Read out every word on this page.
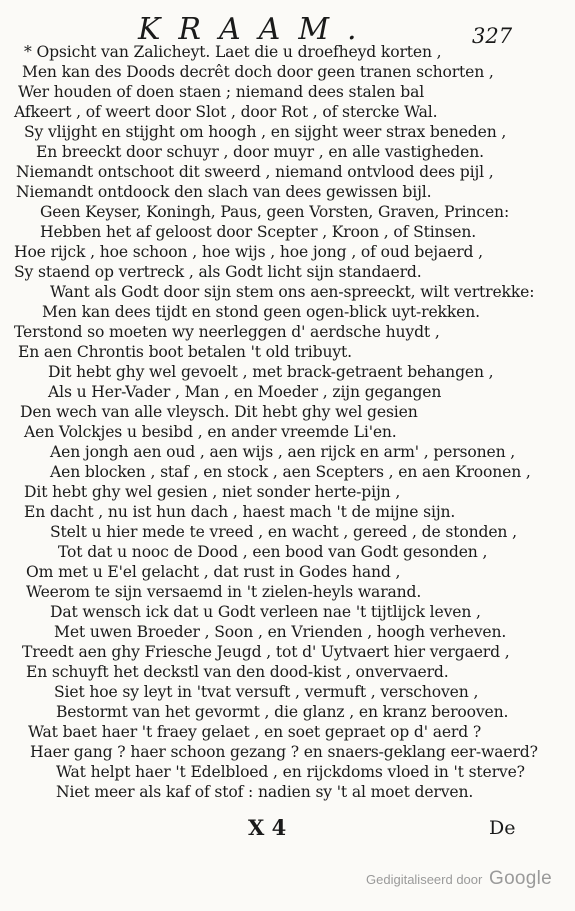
KRAAM.	327
* Opsicht van Zalicheyt. Laet die u droefheyd korten ,
Men kan des Doods decrêt doch door geen tranen schorten ,
Wer houden of doen staen ; niemand dees stalen bal
Afkeert , of weert door Slot , door Rot , of stercke Wal.
Sy vlijght en stijght om hoogh , en sijght weer strax beneden ,
En breeckt door schuyr , door muyr , en alle vastigheden.
Niemandt ontschoot dit sweerd , niemand ontvlood dees pijl ,
Niemandt ontdoock den slach van dees gewissen bijl.
Geen Keyser, Koningh, Paus, geen Vorsten, Graven, Princen:
Hebben het af geloost door Scepter , Kroon , of Stinsen.
Hoe rijck , hoe schoon , hoe wijs , hoe jong , of oud bejaerd ,
Sy staend op vertreck , als Godt licht sijn standaerd.
Want als Godt door sijn stem ons aen-spreeckt, wilt vertrekke:
Men kan dees tijdt en stond geen ogen-blick uyt-rekken.
Terstond so moeten wy neerleggen d' aerdsche huydt ,
En aen Chrontis boot betalen 't old tribuyt.
Dit hebt ghy wel gevoelt , met brack-getraent behangen ,
Als u Her-Vader , Man , en Moeder , zijn gegangen
Den wech van alle vleysch. Dit hebt ghy wel gesien
Aen Volckjes u besibd , en ander vreemde Li'en.
Aen jongh aen oud , aen wijs , aen rijck en arm' , personen ,
Aen blocken , staf , en stock , aen Scepters , en aen Kroonen ,
Dit hebt ghy wel gesien , niet sonder herte-pijn ,
En dacht , nu ist hun dach , haest mach 't de mijne sijn.
Stelt u hier mede te vreed , en wacht , gereed , de stonden ,
Tot dat u nooc de Dood , een bood van Godt gesonden ,
Om met u E'el gelacht , dat rust in Godes hand ,
Weerom te sijn versaemd in 't zielen-heyls warand.
Dat wensch ick dat u Godt verleen nae 't tijtlijck leven ,
Met uwen Broeder , Soon , en Vrienden , hoogh verheven.
Treedt aen ghy Friesche Jeugd , tot d' Uytvaert hier vergaerd ,
En schuyft het deckstl van den dood-kist , onvervaerd.
Siet hoe sy leyt in 'tvat versuft , vermuft , verschoven ,
Bestormt van het gevormt , die glanz , en kranz berooven.
Wat baet haer 't fraey gelaet , en soet gepraet op d' aerd ?
Haer gang ? haer schoon gezang ? en snaers-geklang eer-waerd?
Wat helpt haer 't Edelbloed , en rijckdoms vloed in 't sterve?
Niet meer als kaf of stof : nadien sy 't al moet derven.
X 4	De
Gedigitaliseerd door Google
